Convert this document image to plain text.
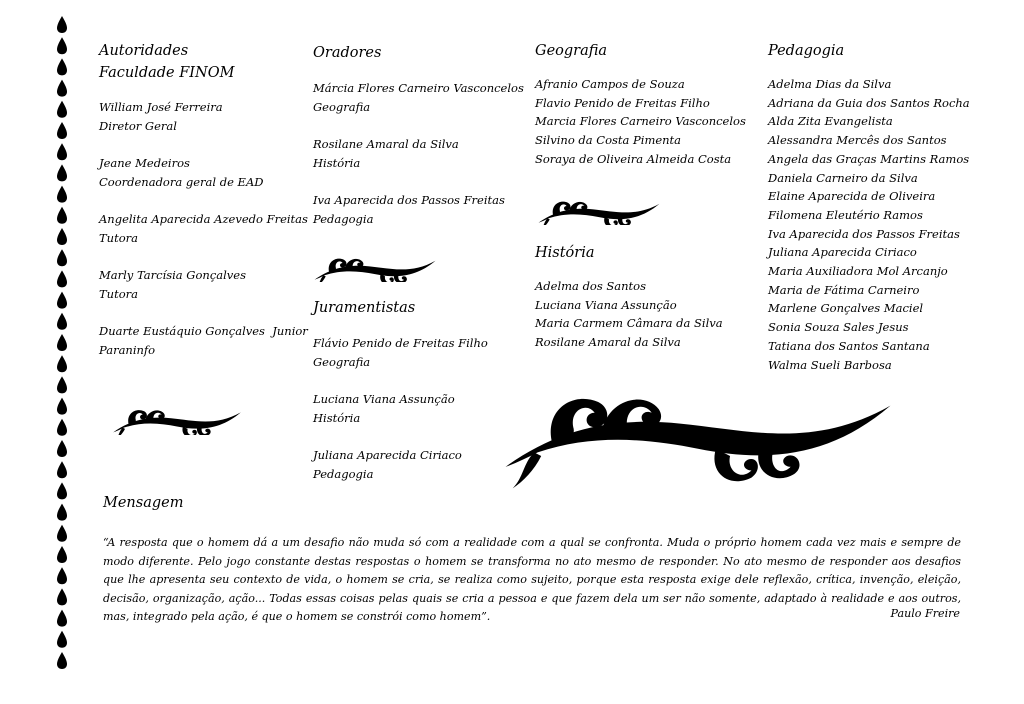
Autoridades
Faculdade FINOM
William José Ferreira
Diretor Geral
Jeane Medeiros
Coordenadora geral de EAD
Angelita Aparecida Azevedo Freitas
Tutora
Marly Tarcísia Gonçalves
Tutora
Duarte Eustáquio Gonçalves  Junior
Paraninfo
Oradores
Márcia Flores Carneiro Vasconcelos
Geografia
Rosilane Amaral da Silva
História
Iva Aparecida dos Passos Freitas
Pedagogia
Juramentistas
Flávio Penido de Freitas Filho
Geografia
Luciana Viana Assunção
História
Juliana Aparecida Ciriaco
Pedagogia
Geografia
Afranio Campos de Souza
Flavio Penido de Freitas Filho
Marcia Flores Carneiro Vasconcelos
Silvino da Costa Pimenta
Soraya de Oliveira Almeida Costa
História
Adelma dos Santos
Luciana Viana Assunção
Maria Carmem Câmara da Silva
Rosilane Amaral da Silva
Pedagogia
Adelma Dias da Silva
Adriana da Guia dos Santos Rocha
Alda Zita Evangelista
Alessandra Mercês dos Santos
Angela das Graças Martins Ramos
Daniela Carneiro da Silva
Elaine Aparecida de Oliveira
Filomena Eleutério Ramos
Iva Aparecida dos Passos Freitas
Juliana Aparecida Ciriaco
Maria Auxiliadora Mol Arcanjo
Maria de Fátima Carneiro
Marlene Gonçalves Maciel
Sonia Souza Sales Jesus
Tatiana dos Santos Santana
Walma Sueli Barbosa
Mensagem
“A resposta que o homem dá a um desafio não muda só com a realidade com a qual se confronta. Muda o próprio homem cada vez mais e sempre de modo diferente. Pelo jogo constante destas respostas o homem se transforma no ato mesmo de responder. No ato mesmo de responder aos desafios que lhe apresenta seu contexto de vida, o homem se cria, se realiza como sujeito, porque esta resposta exige dele reflexão, crítica, invenção, eleição, decisão, organização, ação... Todas essas coisas pelas quais se cria a pessoa e que fazem dela um ser não somente, adaptado à realidade e aos outros, mas, integrado pela ação, é que o homem se constrói como homem”.	Paulo Freire
